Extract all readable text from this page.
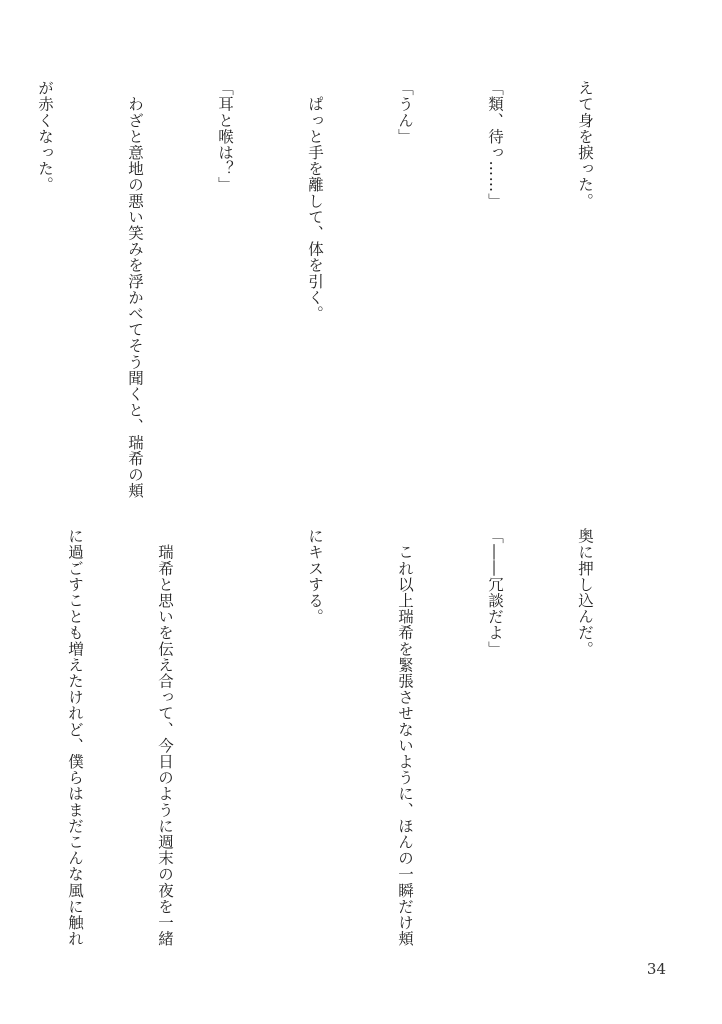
えて身を捩った。

「類、待っ……」

「うん」

　ぱっと手を離して、体を引く。

「耳と喉は？」

　わざと意地の悪い笑みを浮かべてそう聞くと、瑞希の頬

が赤くなった。

奥に押し込んだ。

「――冗談だよ」

　これ以上瑞希を緊張させないように、ほんの一瞬だけ頬

にキスする。

　瑞希と思いを伝え合って、今日のように週末の夜を一緒

に過ごすことも増えたけれど、僕らはまだこんな風に触れ

34
